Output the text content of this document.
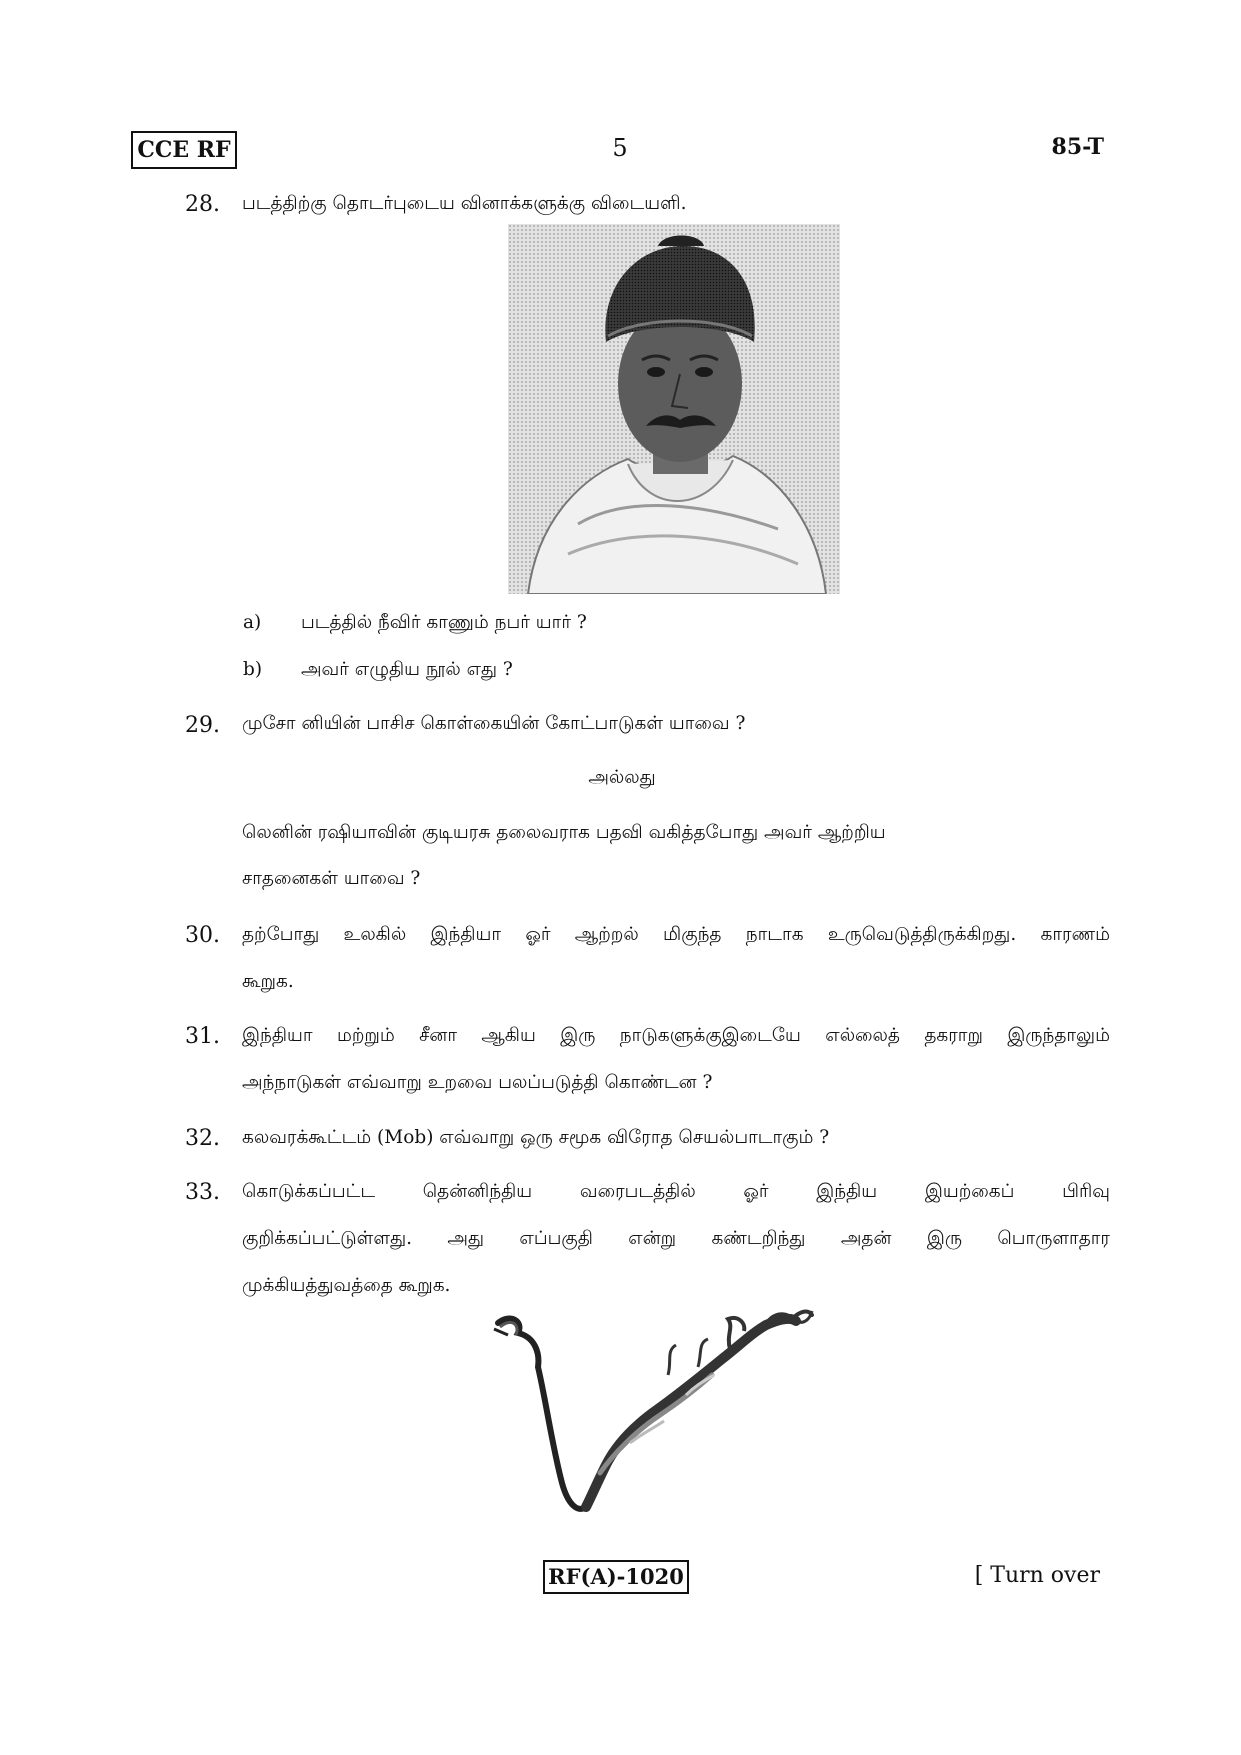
CCE RF	5	85-T
28. படத்திற்கு தொடர்புடைய வினாக்களுக்கு விடையளி.
a) படத்தில் நீவிர் காணும் நபர் யார் ?
b) அவர் எழுதிய நூல் எது ?
29. முசோ னியின் பாசிச கொள்கையின் கோட்பாடுகள் யாவை ?
அல்லது
லெனின் ரஷியாவின் குடியரசு தலைவராக பதவி வகித்தபோது அவர் ஆற்றிய
சாதனைகள் யாவை ?
30. தற்போது உலகில் இந்தியா ஓர் ஆற்றல் மிகுந்த நாடாக உருவெடுத்திருக்கிறது. காரணம்
கூறுக.
31. இந்தியா மற்றும் சீனா ஆகிய இரு நாடுகளுக்குஇடையே எல்லைத் தகராறு இருந்தாலும்
அந்நாடுகள் எவ்வாறு உறவை பலப்படுத்தி கொண்டன ?
32. கலவரக்கூட்டம் (Mob) எவ்வாறு ஒரு சமூக விரோத செயல்பாடாகும் ?
33. கொடுக்கப்பட்ட தென்னிந்திய வரைபடத்தில் ஓர் இந்திய இயற்கைப் பிரிவு
குறிக்கப்பட்டுள்ளது. அது எப்பகுதி என்று கண்டறிந்து அதன் இரு பொருளாதார
முக்கியத்துவத்தை கூறுக.
RF(A)-1020	[ Turn over
